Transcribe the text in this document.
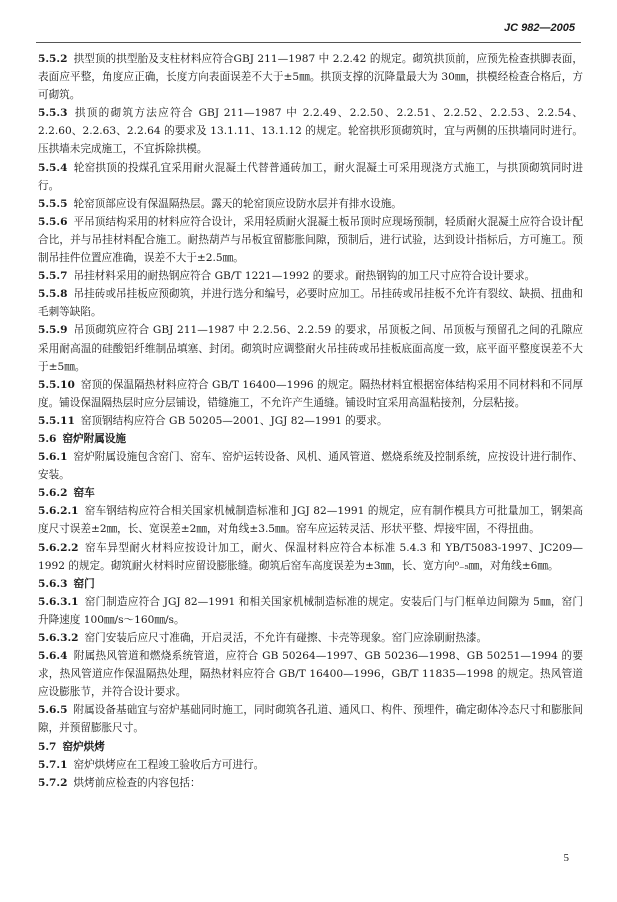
JC 982—2005

5.5.2 拱型顶的拱型胎及支柱材料应符合GBJ 211—1987 中 2.2.42 的规定。砌筑拱顶前，应预先检查拱脚表面，表面应平整，角度应正确，长度方向表面误差不大于±5㎜。拱顶支撑的沉降量最大为 30㎜，拱模经检查合格后，方可砌筑。

5.5.3 拱顶的砌筑方法应符合 GBJ 211—1987 中 2.2.49、2.2.50、2.2.51、2.2.52、2.2.53、2.2.54、2.2.60、2.2.63、2.2.64 的要求及 13.1.11、13.1.12 的规定。轮窑拱形顶砌筑时，宜与两侧的压拱墙同时进行。压拱墙未完成施工，不宜拆除拱模。

5.5.4 轮窑拱顶的投煤孔宜采用耐火混凝土代替普通砖加工，耐火混凝土可采用现浇方式施工，与拱顶砌筑同时进行。

5.5.5 轮窑顶部应设有保温隔热层。露天的轮窑顶应设防水层并有排水设施。

5.5.6 平吊顶结构采用的材料应符合设计，采用轻质耐火混凝土板吊顶时应现场预制，轻质耐火混凝土应符合设计配合比，并与吊挂材料配合施工。耐热葫芦与吊板宜留膨胀间隙，预制后，进行试验，达到设计指标后，方可施工。预制吊挂件位置应准确，误差不大于±2.5㎜。

5.5.7 吊挂材料采用的耐热钢应符合 GB/T 1221—1992 的要求。耐热钢钩的加工尺寸应符合设计要求。

5.5.8 吊挂砖或吊挂板应预砌筑，并进行选分和编号，必要时应加工。吊挂砖或吊挂板不允许有裂纹、缺损、扭曲和毛刺等缺陷。

5.5.9 吊顶砌筑应符合 GBJ 211—1987 中 2.2.56、2.2.59 的要求，吊顶板之间、吊顶板与预留孔之间的孔隙应采用耐高温的硅酸铝纤维制品填塞、封闭。砌筑时应调整耐火吊挂砖或吊挂板底面高度一致，底平面平整度误差不大于±5㎜。

5.5.10 窑顶的保温隔热材料应符合 GB/T 16400—1996 的规定。隔热材料宜根据窑体结构采用不同材料和不同厚度。铺设保温隔热层时应分层铺设，错缝施工，不允许产生通缝。铺设时宜采用高温粘接剂，分层粘接。

5.5.11 窑顶钢结构应符合 GB 50205—2001、JGJ 82—1991 的要求。

5.6 窑炉附属设施

5.6.1 窑炉附属设施包含窑门、窑车、窑炉运转设备、风机、通风管道、燃烧系统及控制系统，应按设计进行制作、安装。

5.6.2 窑车

5.6.2.1 窑车钢结构应符合相关国家机械制造标准和 JGJ 82—1991 的规定，应有制作模具方可批量加工，钢架高度尺寸误差±2㎜，长、宽误差±2㎜，对角线±3.5㎜。窑车应运转灵活、形状平整、焊接牢固，不得扭曲。

5.6.2.2 窑车异型耐火材料应按设计加工，耐火、保温材料应符合本标准 5.4.3 和 YB/T5083-1997、JC209—1992 的规定。砌筑耐火材料时应留设膨胀缝。砌筑后窑车高度误差为±3㎜，长、宽方向⁰₋₅㎜，对角线±6㎜。

5.6.3 窑门

5.6.3.1 窑门制造应符合 JGJ 82—1991 和相关国家机械制造标准的规定。安装后门与门框单边间隙为 5㎜，窑门升降速度 100㎜/s～160㎜/s。

5.6.3.2 窑门安装后应尺寸准确，开启灵活，不允许有碰擦、卡壳等现象。窑门应涂刷耐热漆。

5.6.4 附属热风管道和燃烧系统管道，应符合 GB 50264—1997、GB 50236—1998、GB 50251—1994 的要求，热风管道应作保温隔热处理，隔热材料应符合 GB/T 16400—1996，GB/T 11835—1998 的规定。热风管道应设膨胀节，并符合设计要求。

5.6.5 附属设备基础宜与窑炉基础同时施工，同时砌筑各孔道、通风口、构件、预埋件，确定砌体冷态尺寸和膨胀间隙，并预留膨胀尺寸。

5.7 窑炉烘烤

5.7.1 窑炉烘烤应在工程竣工验收后方可进行。

5.7.2 烘烤前应检查的内容包括：

5
